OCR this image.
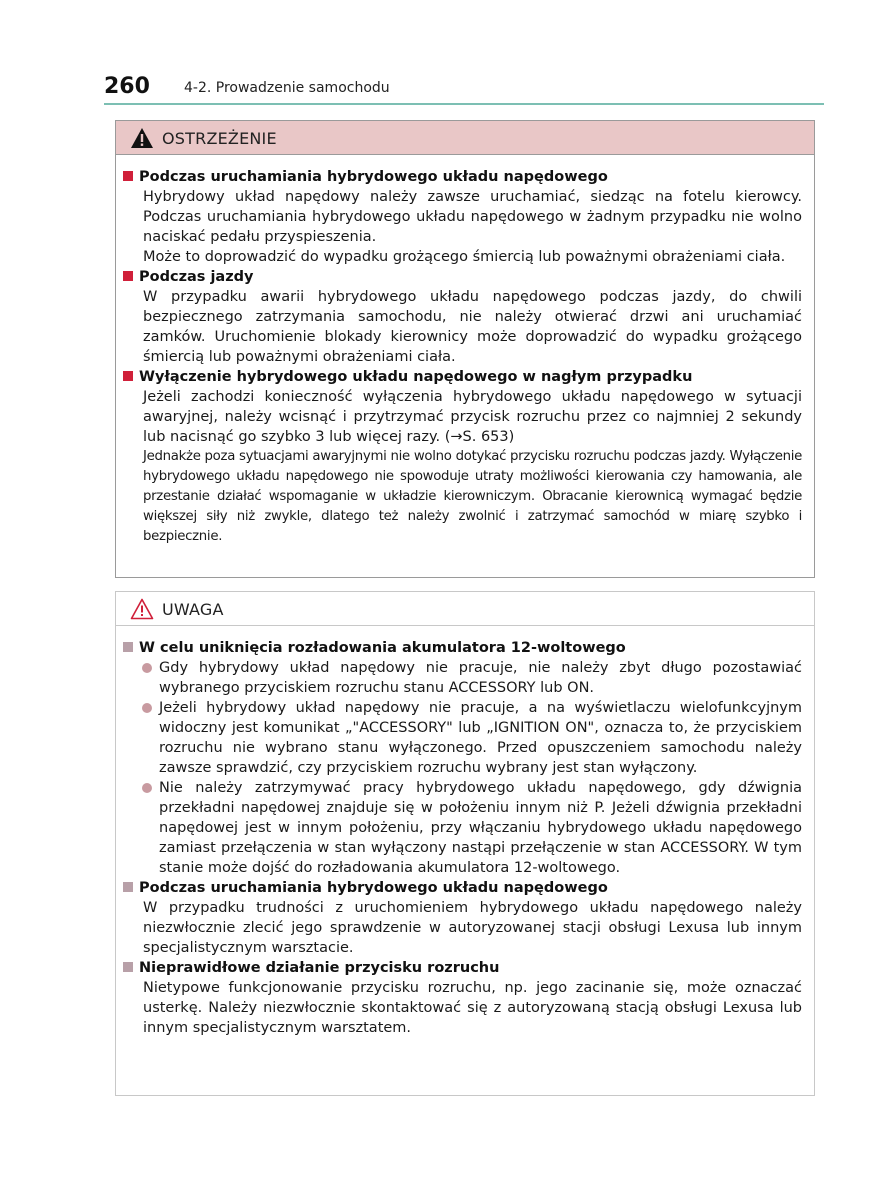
260 4-2. Prowadzenie samochodu
OSTRZEŻENIE
Podczas uruchamiania hybrydowego układu napędowego
Hybrydowy układ napędowy należy zawsze uruchamiać, siedząc na fotelu kierowcy. Podczas uruchamiania hybrydowego układu napędowego w żadnym przypadku nie wolno naciskać pedału przyspieszenia.
Może to doprowadzić do wypadku grożącego śmiercią lub poważnymi obrażeniami ciała.
Podczas jazdy
W przypadku awarii hybrydowego układu napędowego podczas jazdy, do chwili bezpiecznego zatrzymania samochodu, nie należy otwierać drzwi ani uruchamiać zamków. Uruchomienie blokady kierownicy może doprowadzić do wypadku grożącego śmiercią lub poważnymi obrażeniami ciała.
Wyłączenie hybrydowego układu napędowego w nagłym przypadku
Jeżeli zachodzi konieczność wyłączenia hybrydowego układu napędowego w sytuacji awaryjnej, należy wcisnąć i przytrzymać przycisk rozruchu przez co najmniej 2 sekundy lub nacisnąć go szybko 3 lub więcej razy. (→S. 653)
Jednakże poza sytuacjami awaryjnymi nie wolno dotykać przycisku rozruchu podczas jazdy. Wyłączenie hybrydowego układu napędowego nie spowoduje utraty możliwości kierowania czy hamowania, ale przestanie działać wspomaganie w układzie kierowniczym. Obracanie kierownicą wymagać będzie większej siły niż zwykle, dlatego też należy zwolnić i zatrzymać samochód w miarę szybko i bezpiecznie.
UWAGA
W celu uniknięcia rozładowania akumulatora 12-woltowego
Gdy hybrydowy układ napędowy nie pracuje, nie należy zbyt długo pozostawiać wybranego przyciskiem rozruchu stanu ACCESSORY lub ON.
Jeżeli hybrydowy układ napędowy nie pracuje, a na wyświetlaczu wielofunkcyjnym widoczny jest komunikat „"ACCESSORY" lub „IGNITION ON", oznacza to, że przyciskiem rozruchu nie wybrano stanu wyłączonego. Przed opuszczeniem samochodu należy zawsze sprawdzić, czy przyciskiem rozruchu wybrany jest stan wyłączony.
Nie należy zatrzymywać pracy hybrydowego układu napędowego, gdy dźwignia przekładni napędowej znajduje się w położeniu innym niż P. Jeżeli dźwignia przekładni napędowej jest w innym położeniu, przy włączaniu hybrydowego układu napędowego zamiast przełączenia w stan wyłączony nastąpi przełączenie w stan ACCESSORY. W tym stanie może dojść do rozładowania akumulatora 12-woltowego.
Podczas uruchamiania hybrydowego układu napędowego
W przypadku trudności z uruchomieniem hybrydowego układu napędowego należy niezwłocznie zlecić jego sprawdzenie w autoryzowanej stacji obsługi Lexusa lub innym specjalistycznym warsztacie.
Nieprawidłowe działanie przycisku rozruchu
Nietypowe funkcjonowanie przycisku rozruchu, np. jego zacinanie się, może oznaczać usterkę. Należy niezwłocznie skontaktować się z autoryzowaną stacją obsługi Lexusa lub innym specjalistycznym warsztatem.
